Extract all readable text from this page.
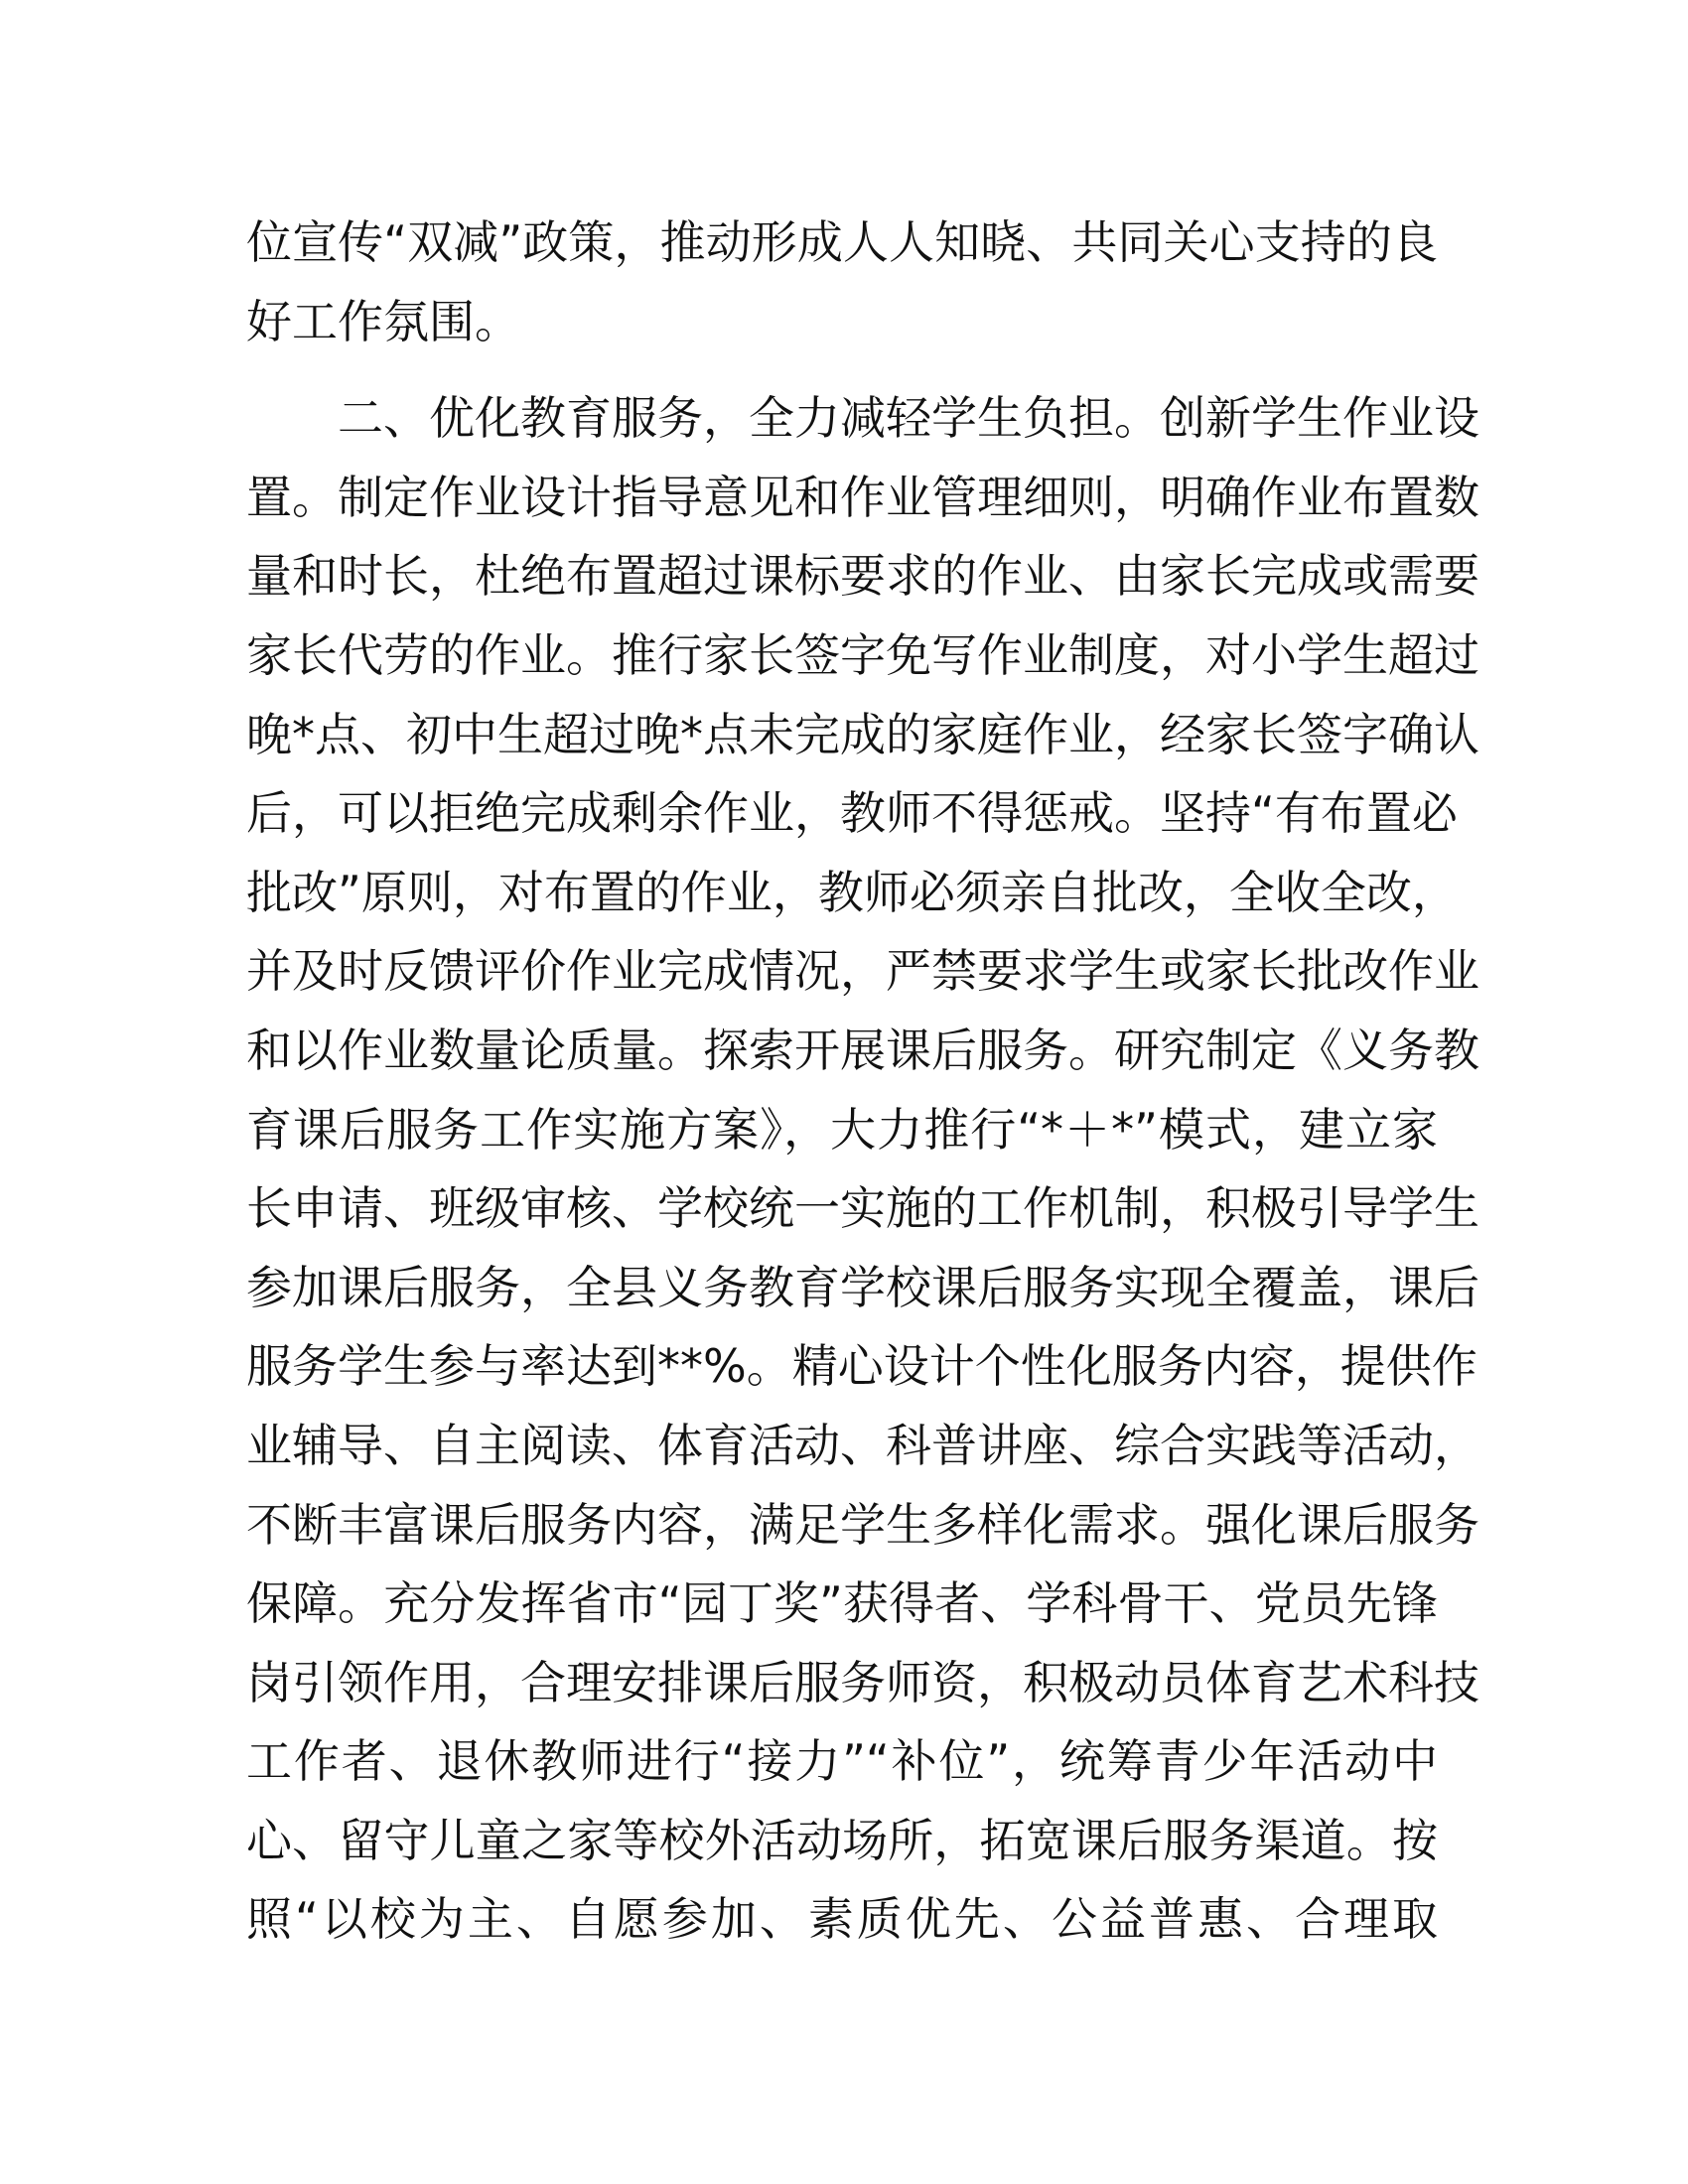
位宣传“双减”政策，推动形成人人知晓、共同关心支持的良
好工作氛围。
二、优化教育服务，全力减轻学生负担。创新学生作业设
置。制定作业设计指导意见和作业管理细则，明确作业布置数
量和时长，杜绝布置超过课标要求的作业、由家长完成或需要
家长代劳的作业。推行家长签字免写作业制度，对小学生超过
晚*点、初中生超过晚*点未完成的家庭作业，经家长签字确认
后，可以拒绝完成剩余作业，教师不得惩戒。坚持“有布置必
批改”原则，对布置的作业，教师必须亲自批改，全收全改，
并及时反馈评价作业完成情况，严禁要求学生或家长批改作业
和以作业数量论质量。探索开展课后服务。研究制定《义务教
育课后服务工作实施方案》，大力推行“*＋*”模式，建立家
长申请、班级审核、学校统一实施的工作机制，积极引导学生
参加课后服务，全县义务教育学校课后服务实现全覆盖，课后
服务学生参与率达到**%。精心设计个性化服务内容，提供作
业辅导、自主阅读、体育活动、科普讲座、综合实践等活动，
不断丰富课后服务内容，满足学生多样化需求。强化课后服务
保障。充分发挥省市“园丁奖”获得者、学科骨干、党员先锋
岗引领作用，合理安排课后服务师资，积极动员体育艺术科技
工作者、退休教师进行“接力”“补位”，统筹青少年活动中
心、留守儿童之家等校外活动场所，拓宽课后服务渠道。按
照“以校为主、自愿参加、素质优先、公益普惠、合理取
